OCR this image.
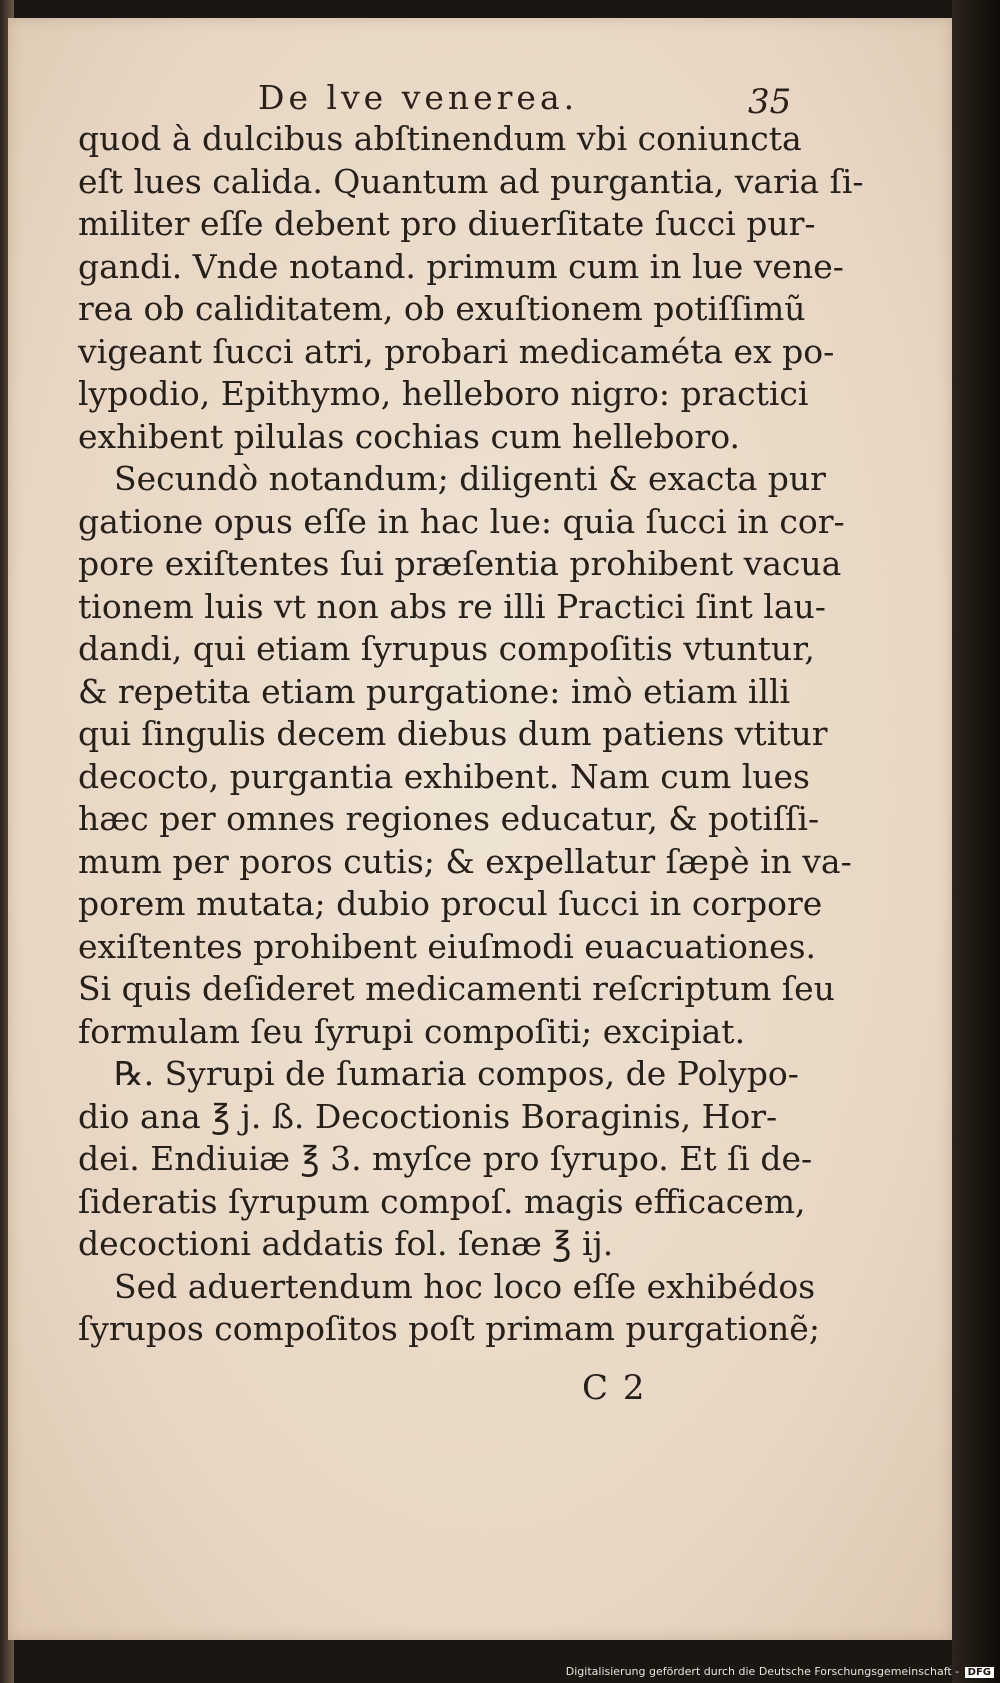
De lve venerea.	35
quod à dulcibus abſtinendum vbi coniuncta
eſt lues calida. Quantum ad purgantia, varia ſi-
militer eſſe debent pro diuerſitate ſucci pur-
gandi. Vnde notand. primum cum in lue vene-
rea ob caliditatem, ob exuſtionem potiſſimũ
vigeant ſucci atri, probari medicaméta ex po-
lypodio, Epithymo, helleboro nigro: practici
exhibent pilulas cochias cum helleboro.
Secundò notandum; diligenti & exacta pur
gatione opus eſſe in hac lue: quia ſucci in cor-
pore exiſtentes ſui præſentia prohibent vacua
tionem luis vt non abs re illi Practici ſint lau-
dandi, qui etiam ſyrupus compoſitis vtuntur,
& repetita etiam purgatione: imò etiam illi
qui ſingulis decem diebus dum patiens vtitur
decocto, purgantia exhibent. Nam cum lues
hæc per omnes regiones educatur, & potiſſi-
mum per poros cutis; & expellatur ſæpè in va-
porem mutata; dubio procul ſucci in corpore
exiſtentes prohibent eiuſmodi euacuationes.
Si quis deſideret medicamenti reſcriptum ſeu
formulam ſeu ſyrupi compoſiti; excipiat.
℞. Syrupi de ſumaria compos, de Polypo-
dio ana ℥ j. ß. Decoctionis Boraginis, Hor-
dei. Endiuiæ ℥ 3. myſce pro ſyrupo. Et ſi de-
ſideratis ſyrupum compoſ. magis efficacem,
decoctioni addatis fol. ſenæ ℥ ij.
Sed aduertendum hoc loco eſſe exhibédos
ſyrupos compoſitos poſt primam purgationẽ;
C 2
Digitalisierung gefördert durch die Deutsche Forschungsgemeinschaft - DFG
